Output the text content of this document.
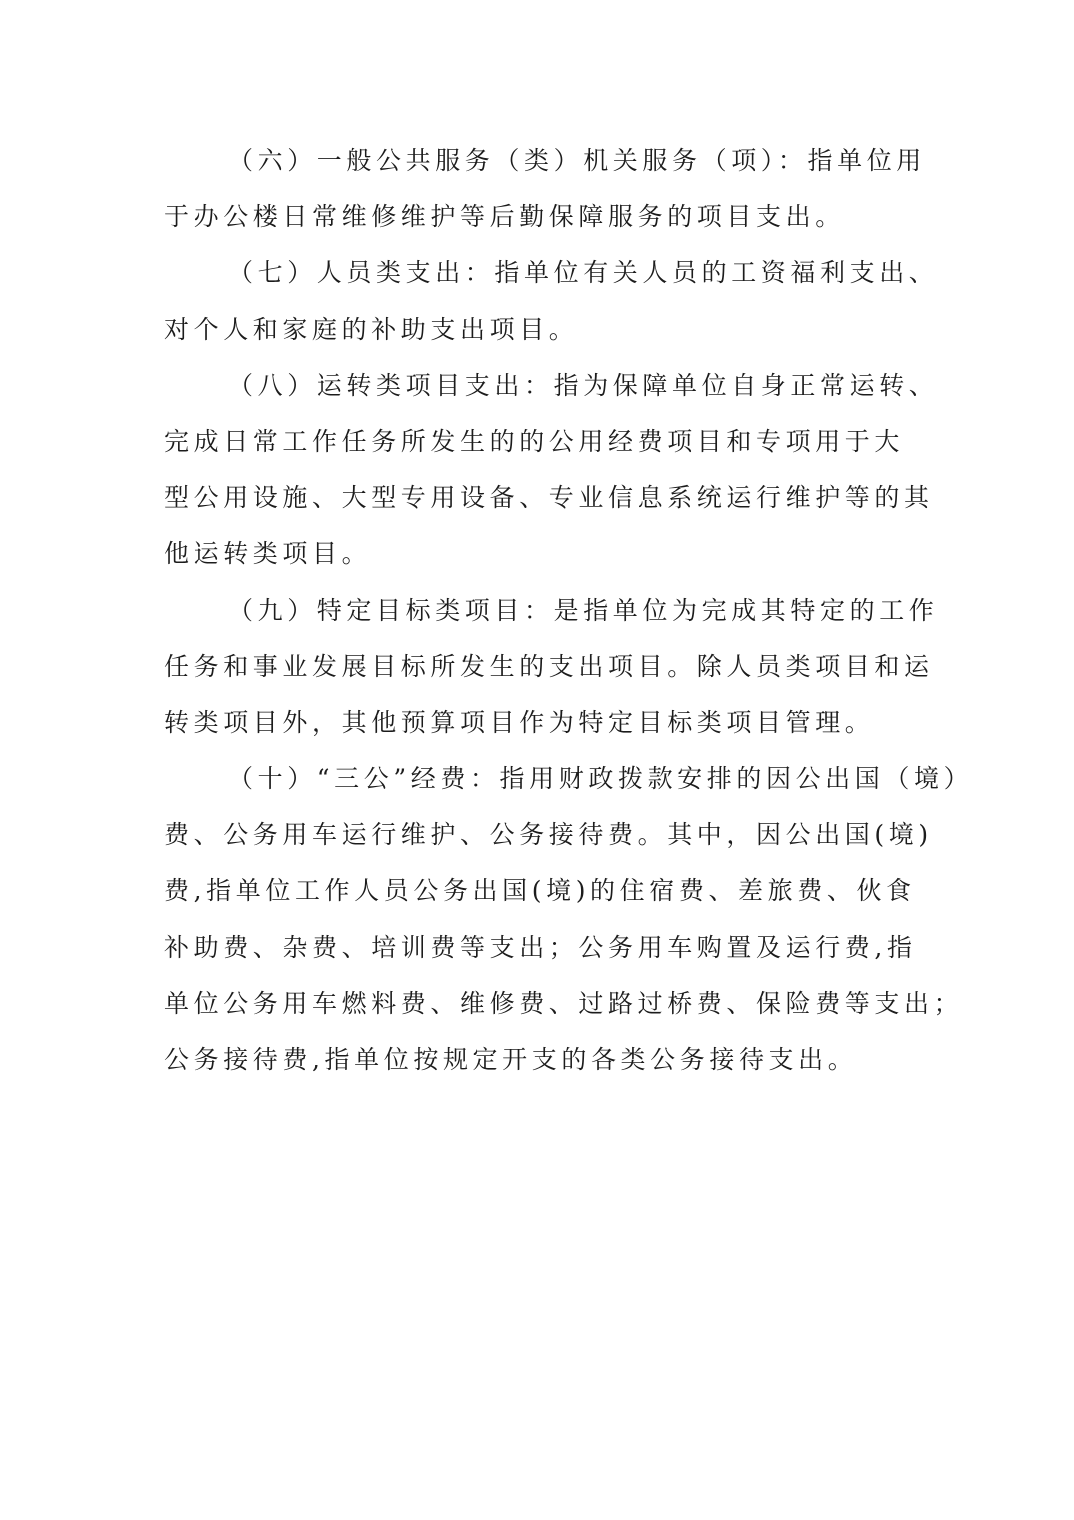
（六）一般公共服务（类）机关服务（项）：指单位用
于办公楼日常维修维护等后勤保障服务的项目支出。

（七）人员类支出：指单位有关人员的工资福利支出、
对个人和家庭的补助支出项目。

（八）运转类项目支出：指为保障单位自身正常运转、
完成日常工作任务所发生的的公用经费项目和专项用于大
型公用设施、大型专用设备、专业信息系统运行维护等的其
他运转类项目。

（九）特定目标类项目：是指单位为完成其特定的工作
任务和事业发展目标所发生的支出项目。除人员类项目和运
转类项目外，其他预算项目作为特定目标类项目管理。

（十）“三公”经费：指用财政拨款安排的因公出国（境）
费、公务用车运行维护、公务接待费。其中，因公出国(境)
费,指单位工作人员公务出国(境)的住宿费、差旅费、伙食
补助费、杂费、培训费等支出；公务用车购置及运行费,指
单位公务用车燃料费、维修费、过路过桥费、保险费等支出；
公务接待费,指单位按规定开支的各类公务接待支出。
